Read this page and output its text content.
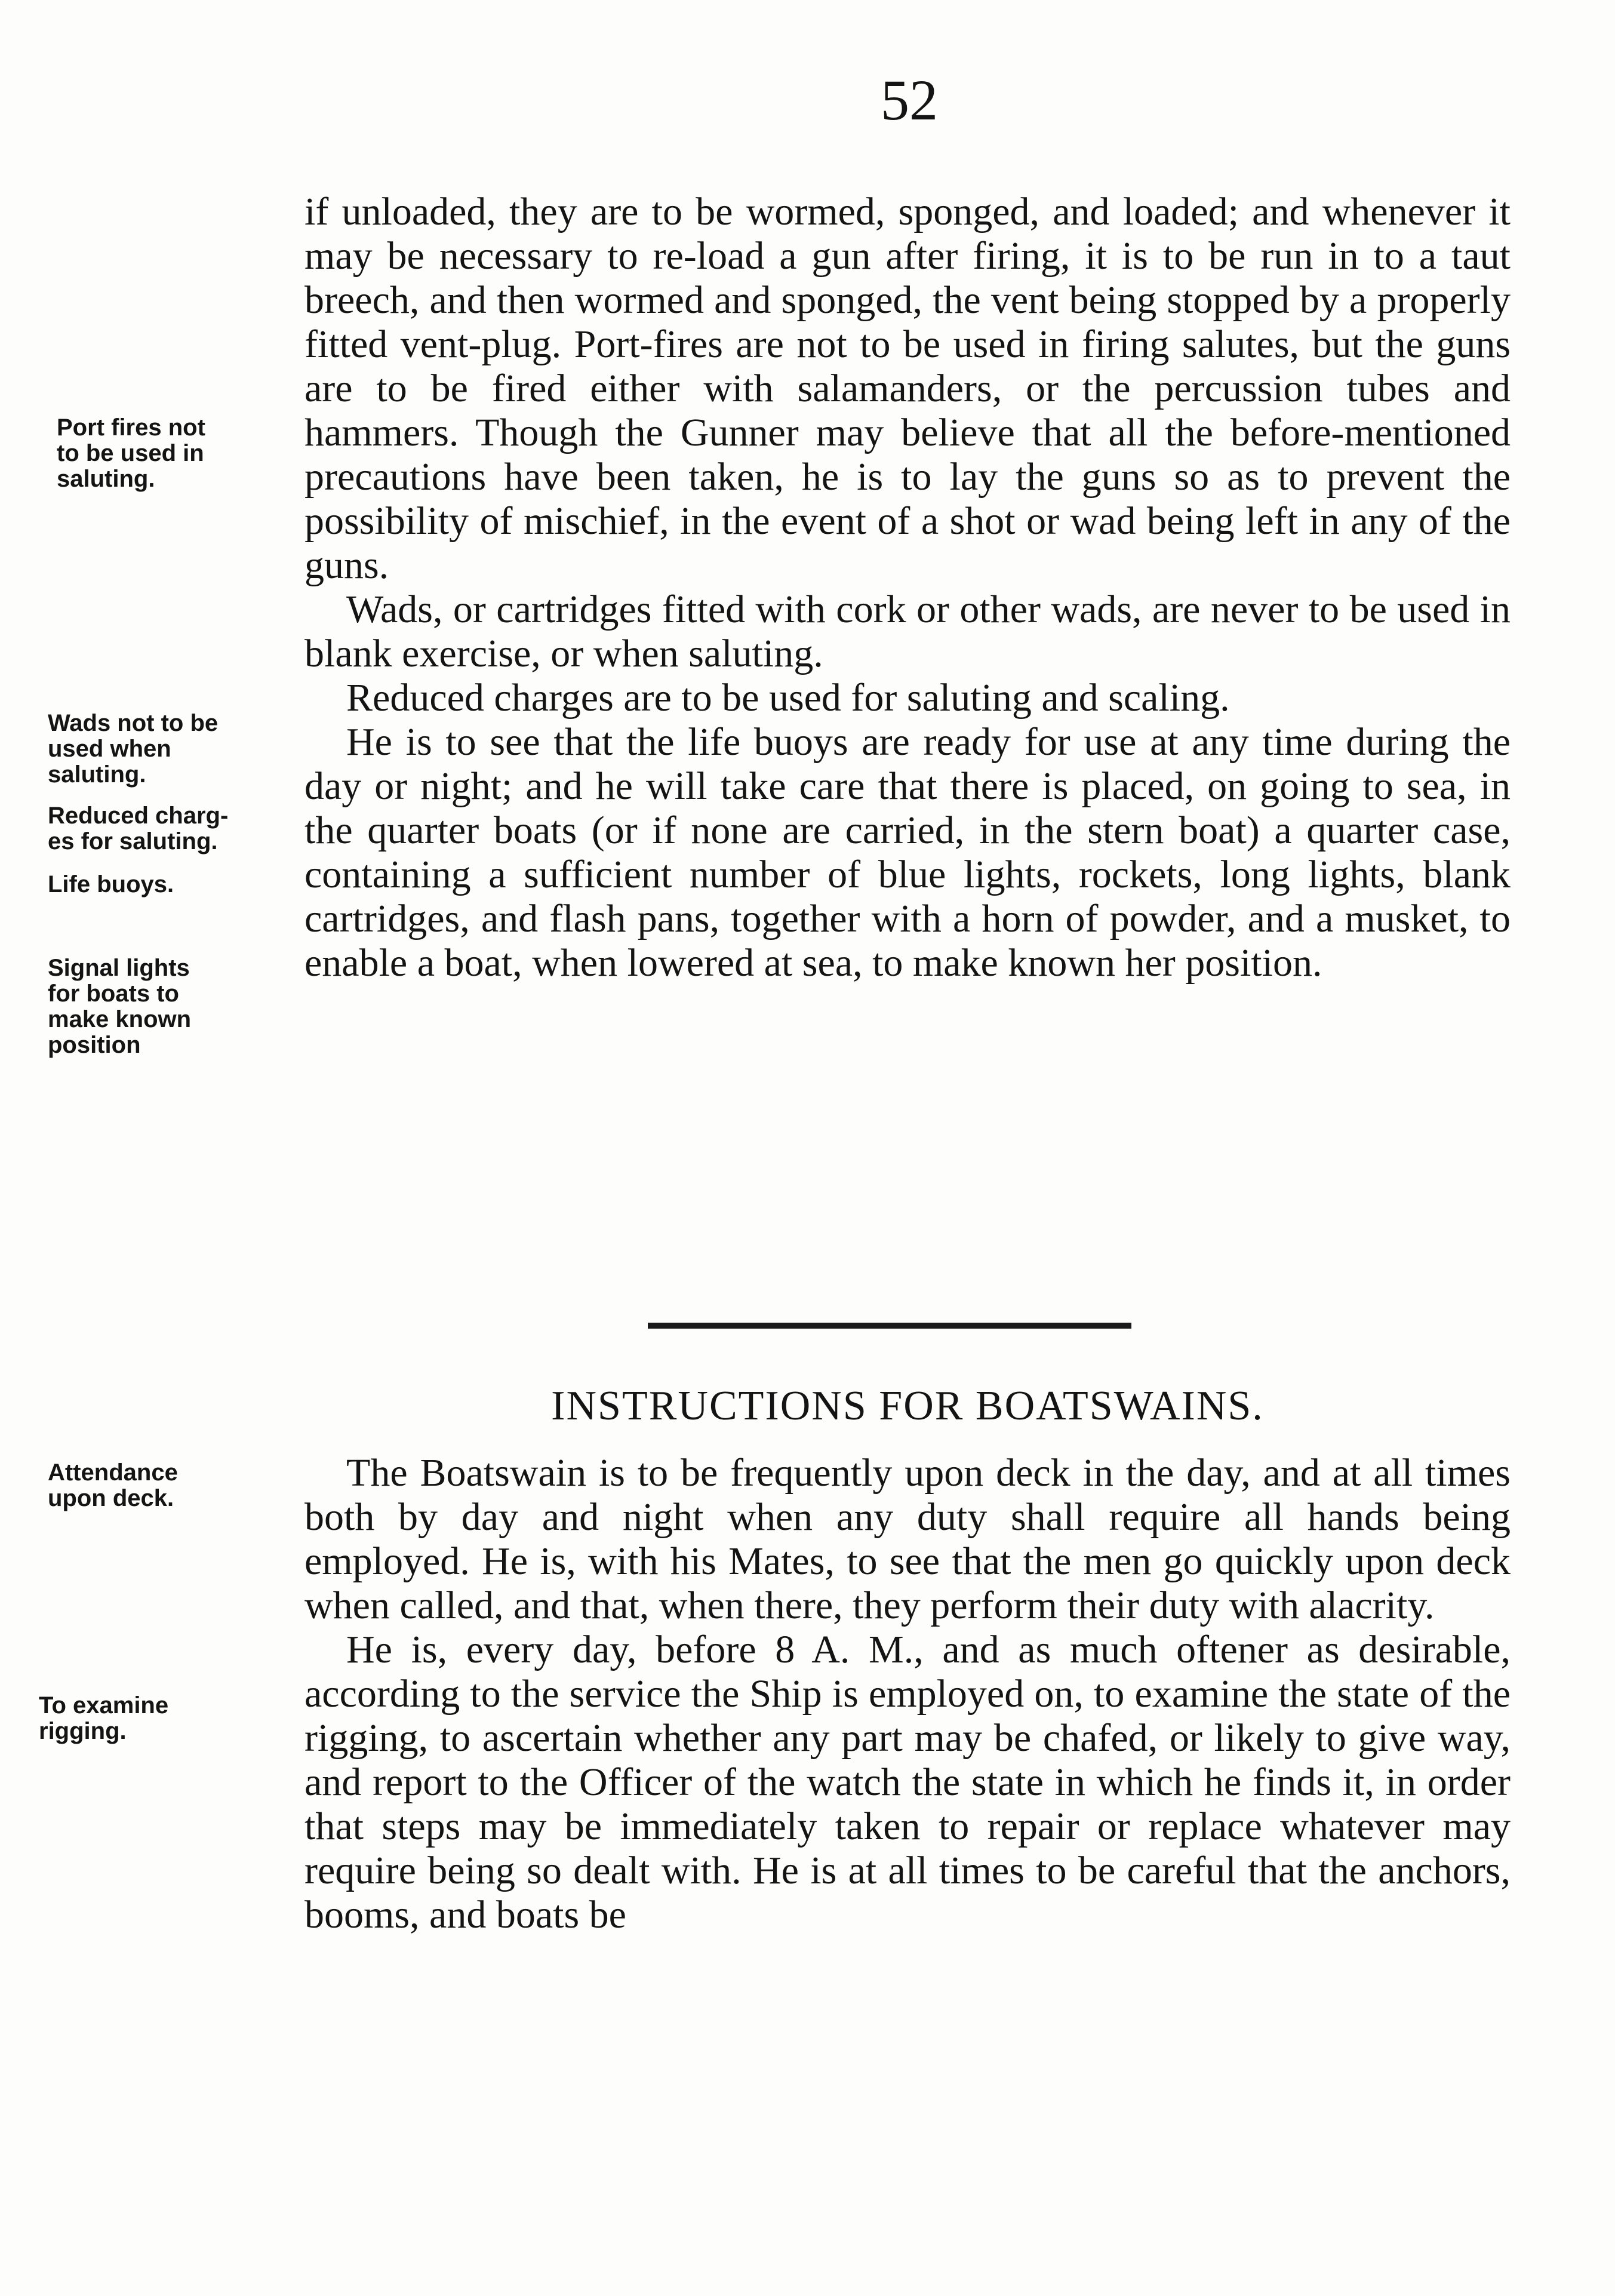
52
Port fires not
to be used in
saluting.
Wads not to be
used when
saluting.
Reduced charg-
es for saluting.
Life buoys.
Signal lights
for boats to
make known
position
Attendance
upon deck.
To examine
rigging.

if unloaded, they are to be wormed, sponged, and loaded; and whenever it may be necessary to re-load a gun after firing, it is to be run in to a taut breech, and then wormed and sponged, the vent being stopped by a properly fitted vent-plug. Port-fires are not to be used in firing salutes, but the guns are to be fired either with salamanders, or the percussion tubes and hammers. Though the Gunner may believe that all the before-mentioned precautions have been taken, he is to lay the guns so as to prevent the possibility of mischief, in the event of a shot or wad being left in any of the guns.

Wads, or cartridges fitted with cork or other wads, are never to be used in blank exercise, or when saluting.

Reduced charges are to be used for saluting and scaling.

He is to see that the life buoys are ready for use at any time during the day or night; and he will take care that there is placed, on going to sea, in the quarter boats (or if none are carried, in the stern boat) a quarter case, containing a sufficient number of blue lights, rockets, long lights, blank cartridges, and flash pans, together with a horn of powder, and a musket, to enable a boat, when lowered at sea, to make known her position.

INSTRUCTIONS FOR BOATSWAINS.

The Boatswain is to be frequently upon deck in the day, and at all times both by day and night when any duty shall require all hands being employed. He is, with his Mates, to see that the men go quickly upon deck when called, and that, when there, they perform their duty with alacrity.

He is, every day, before 8 A. M., and as much oftener as desirable, according to the service the Ship is employed on, to examine the state of the rigging, to ascertain whether any part may be chafed, or likely to give way, and report to the Officer of the watch the state in which he finds it, in order that steps may be immediately taken to repair or replace whatever may require being so dealt with. He is at all times to be careful that the anchors, booms, and boats be
